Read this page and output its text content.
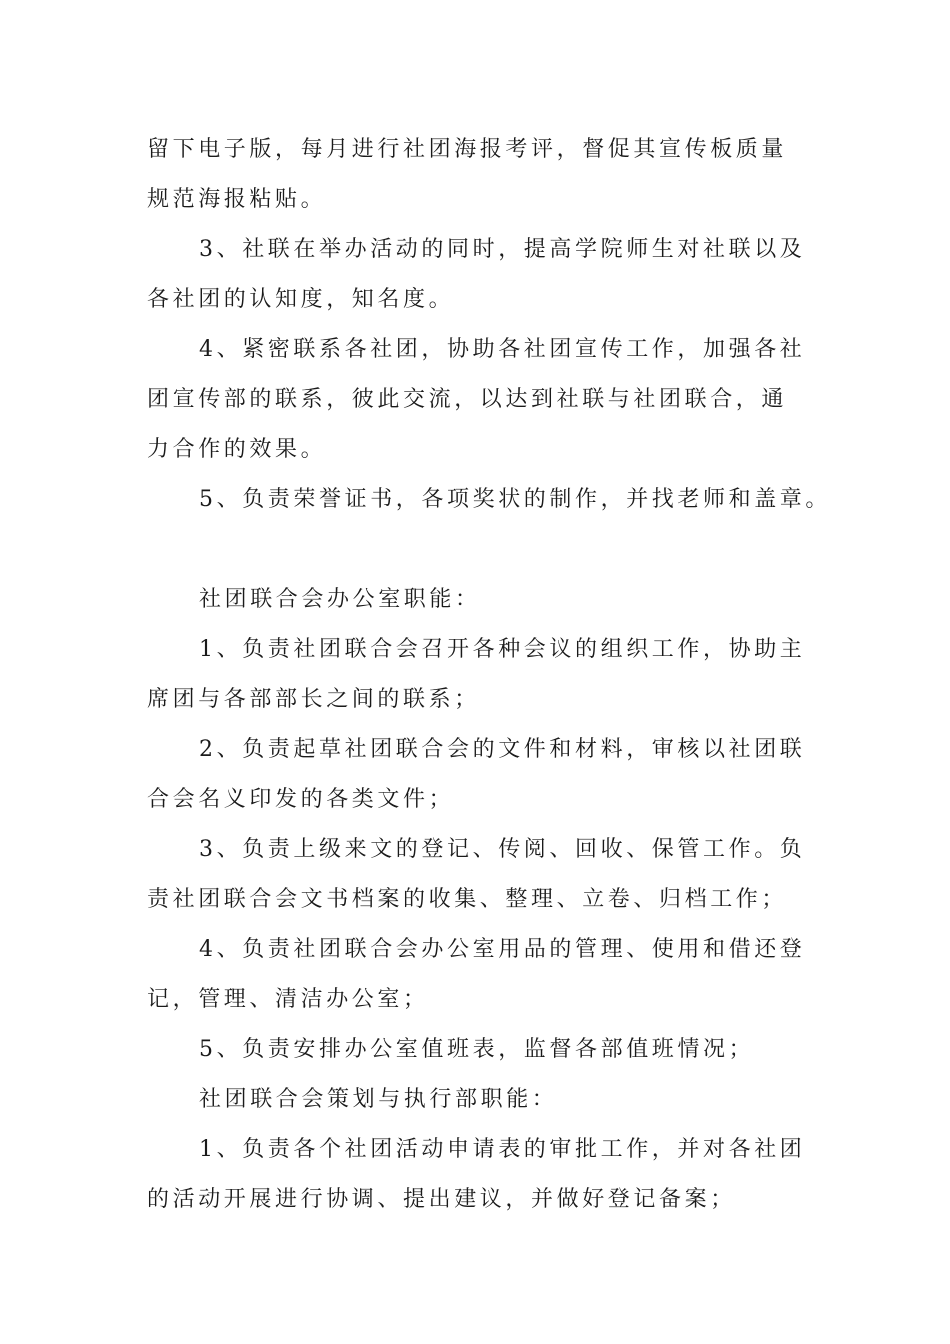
留下电子版，每月进行社团海报考评，督促其宣传板质量
规范海报粘贴。
3、社联在举办活动的同时，提高学院师生对社联以及
各社团的认知度，知名度。
4、紧密联系各社团，协助各社团宣传工作，加强各社
团宣传部的联系，彼此交流，以达到社联与社团联合，通
力合作的效果。
5、负责荣誉证书，各项奖状的制作，并找老师和盖章。
社团联合会办公室职能：
1、负责社团联合会召开各种会议的组织工作，协助主
席团与各部部长之间的联系；
2、负责起草社团联合会的文件和材料，审核以社团联
合会名义印发的各类文件；
3、负责上级来文的登记、传阅、回收、保管工作。负
责社团联合会文书档案的收集、整理、立卷、归档工作；
4、负责社团联合会办公室用品的管理、使用和借还登
记，管理、清洁办公室；
5、负责安排办公室值班表，监督各部值班情况；
社团联合会策划与执行部职能：
1、负责各个社团活动申请表的审批工作，并对各社团
的活动开展进行协调、提出建议，并做好登记备案；
